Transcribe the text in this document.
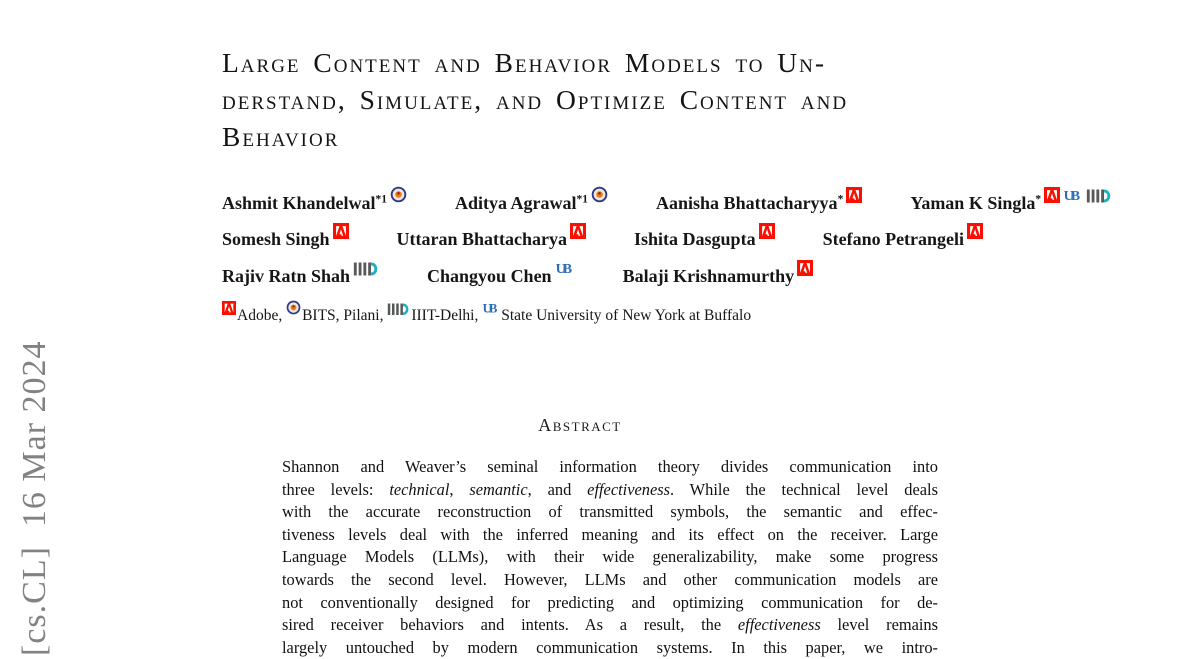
[cs.CL]  16 Mar 2024
Large Content and Behavior Models to Un-
derstand, Simulate, and Optimize Content and
Behavior
Ashmit Khandelwal$^{*1}$	Aditya Agrawal$^{*1}$	Aanisha Bhattacharyya*	Yaman K Singla*
Somesh Singh	Uttaran Bhattacharya	Ishita Dasgupta	Stefano Petrangeli
Rajiv Ratn Shah	Changyou Chen	Balaji Krishnamurthy
Adobe, BITS, Pilani, IIIT-Delhi, State University of New York at Buffalo
Abstract
Shannon and Weaver’s seminal information theory divides communication into
three levels: technical, semantic, and effectiveness. While the technical level deals
with the accurate reconstruction of transmitted symbols, the semantic and effec-
tiveness levels deal with the inferred meaning and its effect on the receiver. Large
Language Models (LLMs), with their wide generalizability, make some progress
towards the second level. However, LLMs and other communication models are
not conventionally designed for predicting and optimizing communication for de-
sired receiver behaviors and intents. As a result, the effectiveness level remains
largely untouched by modern communication systems. In this paper, we intro-
